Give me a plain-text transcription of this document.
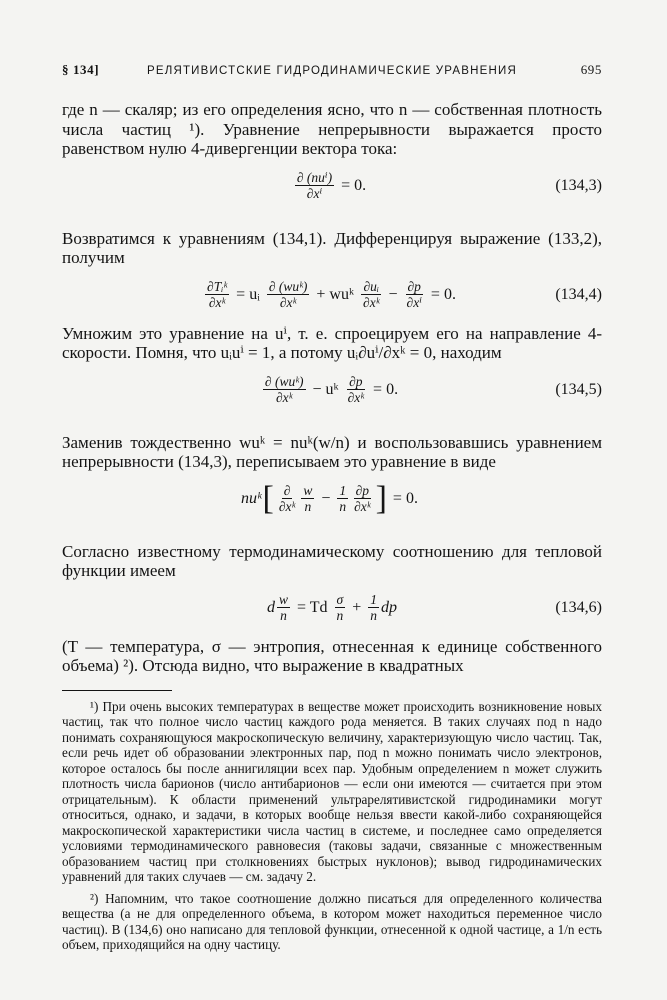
§ 134]	РЕЛЯТИВИСТСКИЕ ГИДРОДИНАМИЧЕСКИЕ УРАВНЕНИЯ	695

где n — скаляр; из его определения ясно, что n — собственная плотность числа частиц ¹). Уравнение непрерывности выражается просто равенством нулю 4-дивергенции вектора тока:

$\frac{\text{∂ (nuⁱ)}}{\text{∂xⁱ}} = 0$.	(134,3)

Возвратимся к уравнениям (134,1). Дифференцируя выражение (133,2), получим

$\frac{\text{∂Tᵢᵏ}}{\text{∂xᵏ}}$ = uᵢ $\frac{\text{∂ (wuᵏ)}}{\text{∂xᵏ}}$ + wuᵏ $\frac{\text{∂uᵢ}}{\text{∂xᵏ}} - \frac{\partial p}{\text{∂xⁱ}} = 0$.	(134,4)

Умножим это уравнение на uⁱ, т. е. спроецируем его на направление 4-скорости. Помня, что uᵢuⁱ = 1, а потому uᵢ∂uⁱ/∂xᵏ = 0, находим

$\frac{\text{∂ (wuᵏ)}}{\text{∂xᵏ}}$ − uᵏ $\frac{\partial p}{\text{∂xᵏ}} = 0$.	(134,5)

Заменив тождественно wuᵏ = nuᵏ(w/n) и воспользовавшись уравнением непрерывности (134,3), переписываем это уравнение в виде

nuᵏ [ $\frac{\partial}{\text{∂xᵏ}} \frac{w}{n} - \frac{1}{n} \frac{\partial p}{\text{∂xᵏ}}$ ] = 0.

Согласно известному термодинамическому соотношению для тепловой функции имеем

d $\frac{w}{n} = Td \frac{\sigma}{n} + \frac{1}{n}$ dp	(134,6)

(T — температура, σ — энтропия, отнесенная к единице собственного объема) ²). Отсюда видно, что выражение в квадратных

¹) При очень высоких температурах в веществе может происходить возникновение новых частиц, так что полное число частиц каждого рода меняется. В таких случаях под n надо понимать сохраняющуюся макроскопическую величину, характеризующую число частиц. Так, если речь идет об образовании электронных пар, под n можно понимать число электронов, которое осталось бы после аннигиляции всех пар. Удобным определением n может служить плотность числа барионов (число антибарионов — если они имеются — считается при этом отрицательным). К области применений ультрарелятивистской гидродинамики могут относиться, однако, и задачи, в которых вообще нельзя ввести какой-либо сохраняющейся макроскопической характеристики числа частиц в системе, и последнее само определяется условиями термодинамического равновесия (таковы задачи, связанные с множественным образованием частиц при столкновениях быстрых нуклонов); вывод гидродинамических уравнений для таких случаев — см. задачу 2.

²) Напомним, что такое соотношение должно писаться для определенного количества вещества (а не для определенного объема, в котором может находиться переменное число частиц). В (134,6) оно написано для тепловой функции, отнесенной к одной частице, а 1/n есть объем, приходящийся на одну частицу.
